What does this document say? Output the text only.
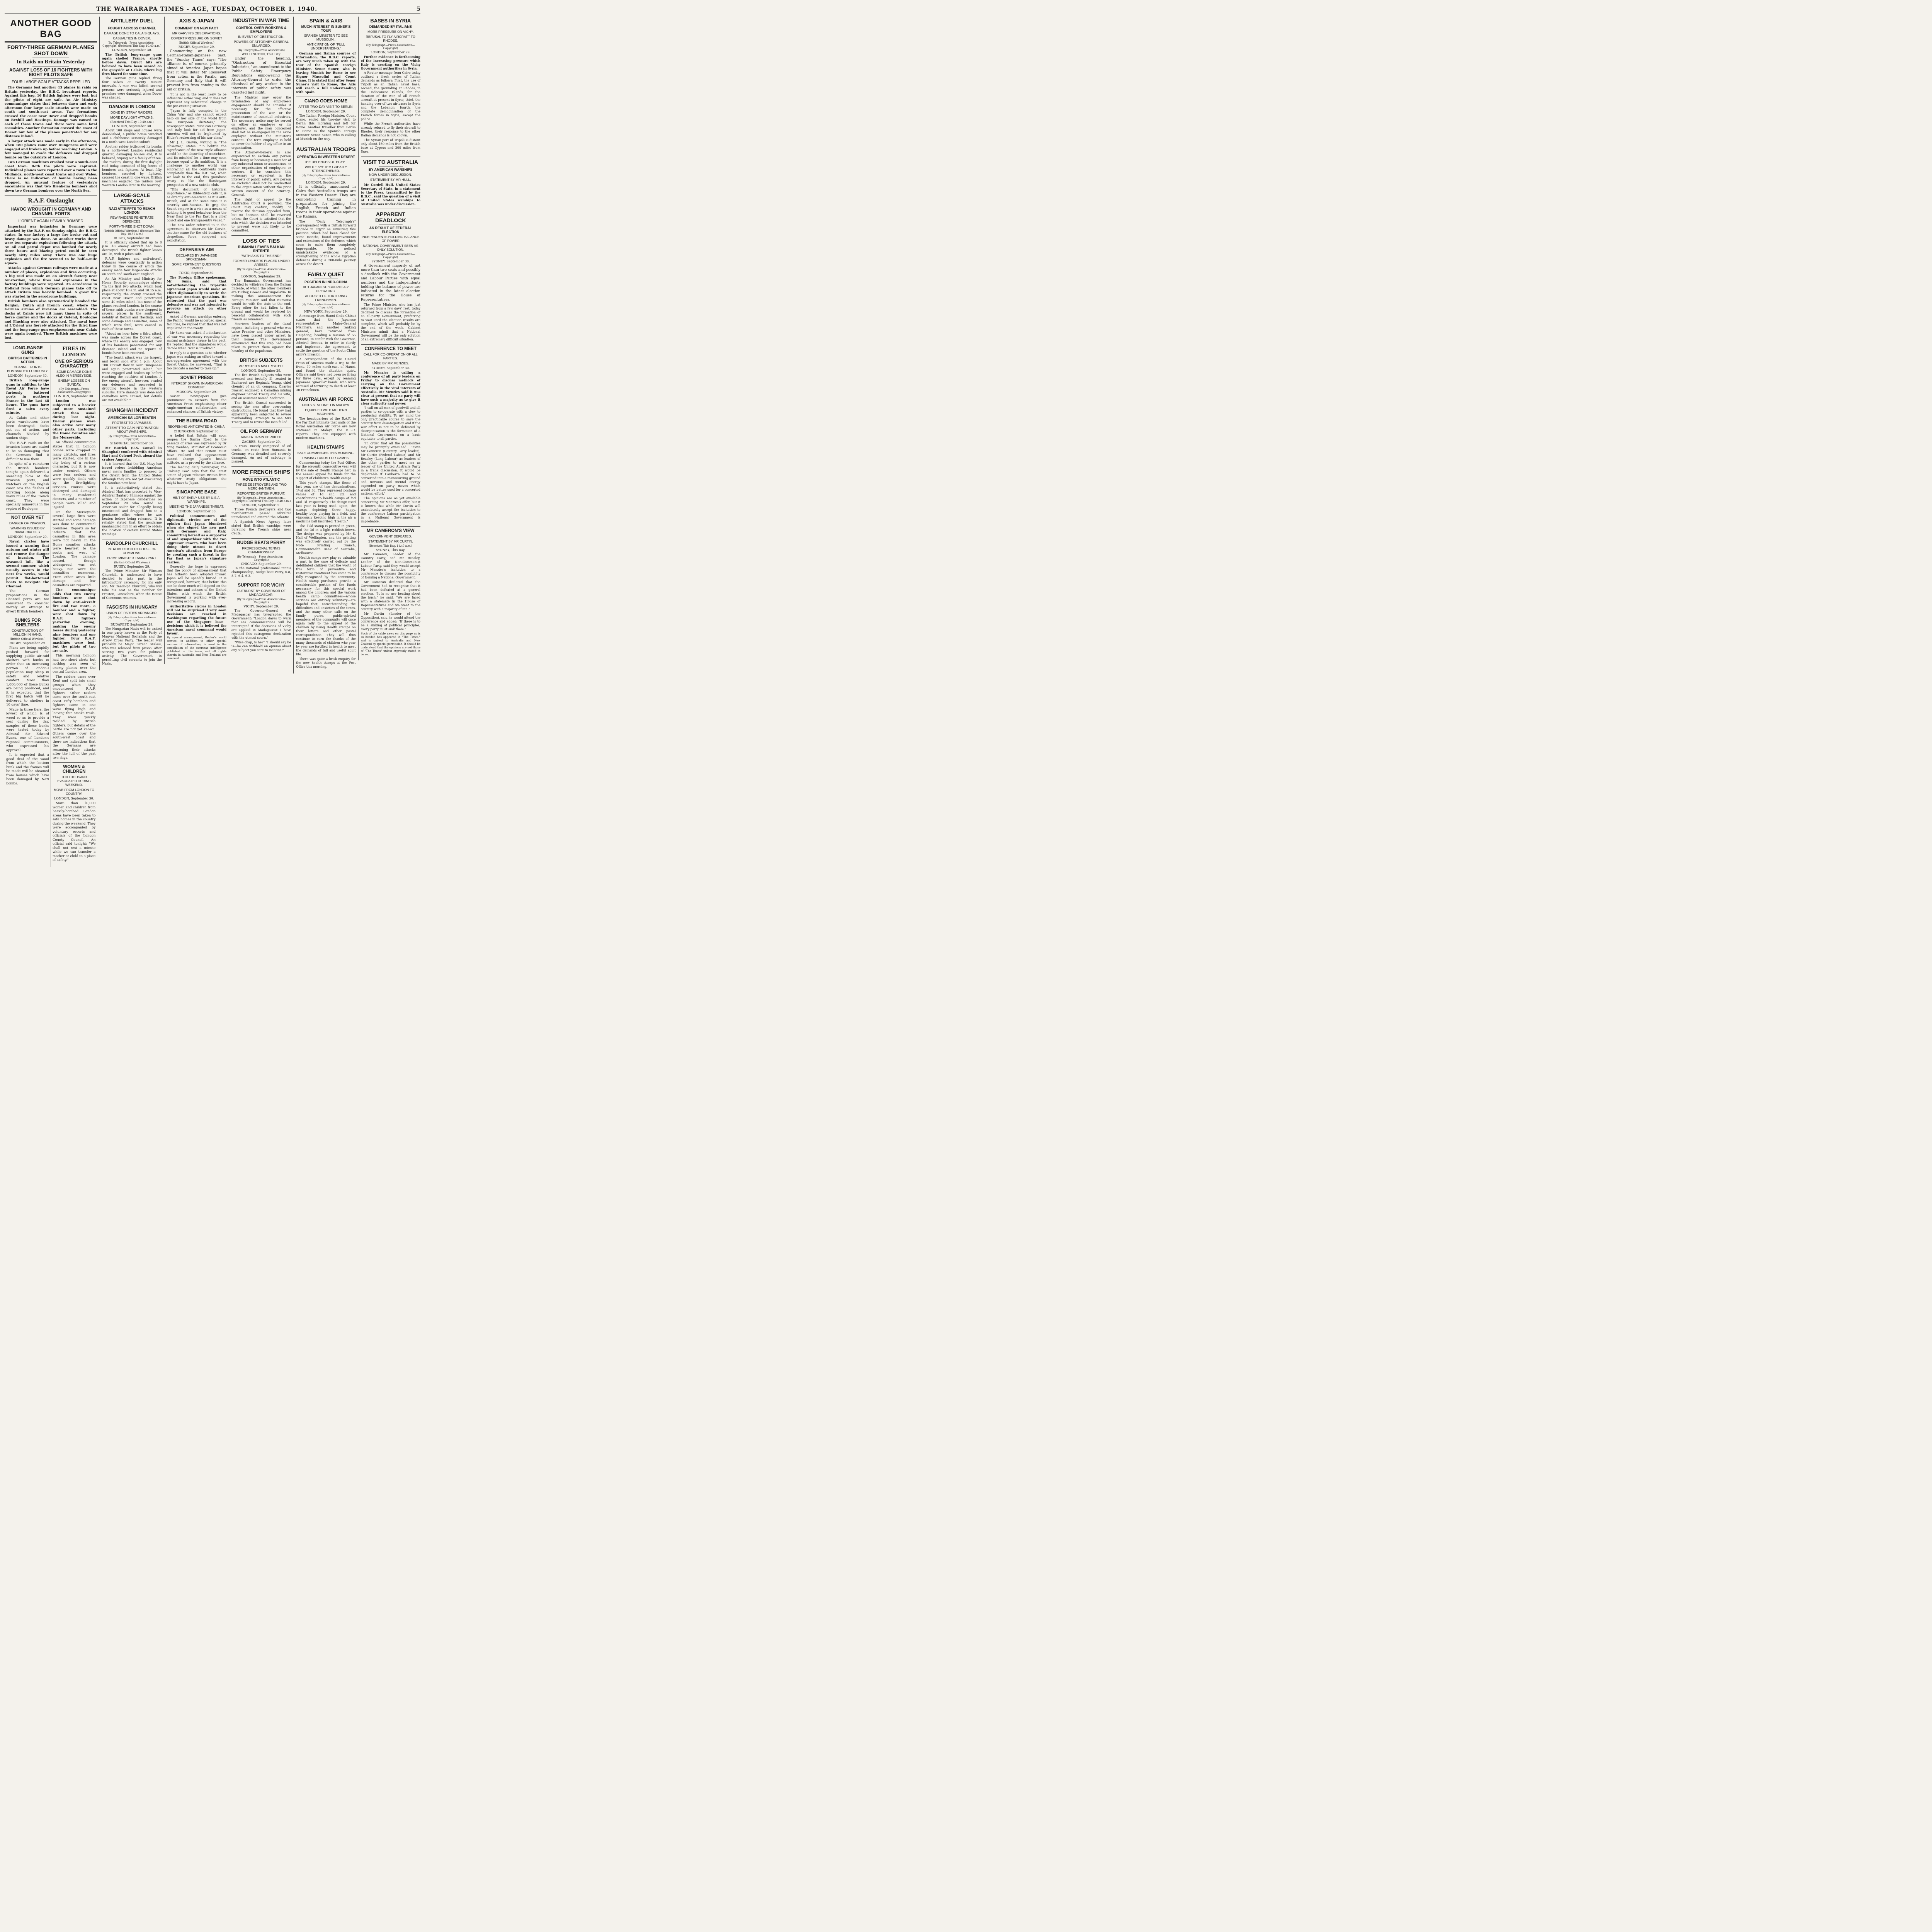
THE WAIRARAPA TIMES - AGE, TUESDAY, OCTOBER 1, 1940.	5
ANOTHER GOOD BAG
FORTY-THREE GERMAN PLANES SHOT DOWN
In Raids on Britain Yesterday
AGAINST LOSS OF 16 FIGHTERS WITH EIGHT PILOTS SAFE
FOUR LARGE-SCALE ATTACKS REPELLED

The Germans lost another 43 planes in raids on Britain yesterday, the B.B.C. broadcast reports. Against this bag, 16 British fighters were lost, but the pilots of eight are safe. An Air Ministry communique states that between dawn and early afternoon four large scale attacks were made on south and south-east areas. Two formations crossed the coast near Dover and dropped bombs on Bexhill and Hastings. Damage was caused to each of these towns and there were some fatal casualties. Another formation crossed the coast of Dorset but few of the planes penetrated for any distance inland.

A larger attack was made early in the afternoon, when 180 planes came over Dungeness and were engaged and broken up before reaching London. A few managed to evade the defences and dropped bombs on the outskirts of London.

Two German machines crashed near a south-east coast town. Both the pilots were captured. Individual planes were reported over a town in the Midlands, north-west coast towns and over Wales. There is no indication of bombs having been dropped. An unusual feature of yesterday's encounters was that two Blenheim bombers shot down two German bombers over the North Sea.

R.A.F. Onslaught
HAVOC WROUGHT IN GERMANY AND CHANNEL PORTS
L'ORIENT AGAIN HEAVILY BOMBED

Important war industries in Germany were attacked by the R.A.F. on Sunday night, the B.B.C. states. In one factory a large fire broke out and heavy damage was done. An another works there were ten separate explosions following the attack. An oil and petrol depot was bombed for nearly three hours and blazing petrol could be seen nearly sixty miles away. There was one huge explosion and the fire seemed to be half-a-mile square.

Attacks against German railways were made at a number of places, explosions and fires occurring. A big raid was made on an aircraft factory near Amsterdam, where fires and explosions in the factory buildings were reported. An aerodrome in Holland from which German planes take off to attack Britain was heavily bombed. A great fire was started in the aerodrome buildings.

British bombers also systematically bombed the Belgian, Dutch and French coast, where the German armies of invasion are assembled. The docks at Calais were hit many times in spite of fierce gunfire and the docks at Ostend, Boulogne and Flushing were also attacked. The naval base at L'Orient was fiercely attacked for the third time and the long-range gun emplacements near Calais were again bombed. Three British machines were lost.

LONG-RANGE GUNS
BRITISH BATTERIES IN ACTION.
CHANNEL PORTS BOMBARDED FURIOUSLY.
LONDON, September 30.

British long-range guns in addition to the Royal Air Force have furiously battered ports in northern France in the last 48 hours. The guns have fired a salvo every minute.

At Calais and other ports warehouses have been destroyed, docks put out of action, and channels blocked by sunken ships.

The R.A.F. raids on the invasion bases are stated to be so damaging that the Germans find it difficult to use them.

In spite of a rainstorm the British bombers tonight again delivered a smashing blow at the invasion ports, and watchers on the English coast saw the flashes of bursting bombs along many miles of the French coast. They were specially numerous in the region of Boulogne.

NOT OVER YET
DANGER OF INVASION.
WARNING ISSUED BY NAVAL CIRCLES.
LONDON, September 29.

Naval circles have issued a warning that autumn and winter will not remove the danger of invasion. The seasonal lull, like a second summer, which usually occurs in the next few weeks, would permit flat-bottomed boats to navigate the Channel.

The German preparations in the Channel ports are too consistent to consider merely an attempt to divert British bombers.

BUNKS FOR SHELTERS
CONSTRUCTION OF MILLION IN HAND.
(British Official Wireless.)
RUGBY, September 29.

Plans are being rapidly pushed forward for supplying public air-raid shelters with bunks in order that an increasing portion of London's population may sleep in safety and relative comfort. More than 1,000,000 of these bunks are being produced, and it is expected that the first big batch will be delivered to shelters in 10 days' time.

Made in three tiers, the lowest of which is of wood so as to provide a seat during the day, samples of these bunks were tested today by Admiral Sir Edward Evans, one of London's regional commissioners, who expressed his approval.

It is expected that a good deal of the wood from which the bottom bunk and the frames will be made will be obtained from houses which have been damaged by Nazi bombs.

FIRES IN LONDON
ONE OF SERIOUS CHARACTER
SOME DAMAGE DONE ALSO IN MERSEYSIDE.
ENEMY LOSSES ON SUNDAY.
(By Telegraph—Press Association—Copyright)
LONDON, September 30.

London was subjected to a heavier and more sustained attack than usual during last night. Enemy planes were also active over many other parts, including the Home Counties and the Merseyside.

An official communique states that in London bombs were dropped in many districts, and fires were started, one in the city being of a serious character, but it is now under control. Others were less serious and were quickly dealt with by the fire-fighting services. Houses were destroyed and damaged in many residential districts, and a number of people were killed and injured.

On the Merseyside several large fires were started and some damage was done to commercial premises. Reports so far indicate that the casualties in this area were not heavy. In the Home counties attacks were heaviest to the south and west of London. The damage caused, though widespread, was not heavy, nor were the casualties numerous. From other areas little damage and few casualties are reported.

The communique adds that two enemy bombers were shot down by anti-aircraft fire and two more, a bomber and a fighter, were shot down by R.A.F. fighters yesterday evening, making the enemy losses during yesterday nine bombers and one fighter. Four R.A.F. machines were lost, but the pilots of two are safe.

This morning London had two short alerts but nothing was seen of enemy planes over the central London area.

The raiders came over Kent and split into small groups when they encountered R.A.F. fighters. Other raiders came over the south-east coast. Fifty bombers and fighters came in one wave flying high and leaving thin smoke trails. They were quickly tackled by British fighters, but details of the battle are not yet known. Others came over the south-west coast and there are indications that the Germans are resuming their attacks after the lull of the past two days.

WOMEN & CHILDREN
TEN THOUSAND EVACUATED DURING WEEKEND.
MOVE FROM LONDON TO COUNTRY.
LONDON, September 30.

More than 10,000 women and children from heavily-bombed London areas have been taken to safe homes in the country during the weekend. They were accompanied by voluntary escorts and officials of the London County Council. An official said tonight: "We shall not rest a minute while we can transfer a mother or child to a place of safety."

ARTILLERY DUEL
FOUGHT ACROSS CHANNEL
DAMAGE DONE TO CALAIS QUAYS.
CASUALTIES IN DOVER.
(By Telegraph—Press Association—Copyright) (Received This Day, 10.40 a.m.)
LONDON, September 30.

The British long-range guns again shelled France, shortly before dawn. Direct hits are believed to have been scored on the quayside at Calais, where big fires blazed for some time.

The German guns replied, firing four salvos at twenty minute intervals. A man was killed, several persons were seriously injured and premises were damaged, when Dover was shelled.

DAMAGE IN LONDON
DONE BY STRAY RAIDERS.
MORE DAYLIGHT ATTACKS.
(Received This Day, 10.40 a.m.)
LONDON, September 30.

About 100 shops and houses were demolished, a public house wrecked and a clubhouse seriously damaged in a north-west London suburb.

Another raider jettisoned its bombs in a north-west London residential quarter, damaging houses and, it is believed, wiping out a family of three. The raiders, during the first daylight raid today, consisted of big forces of bombers and fighters. At least fifty bombers, escorted by fighters, crossed the coast in one wave. British machines engaged the raiders over Western London later in the morning.

LARGE-SCALE ATTACKS
NAZI ATTEMPTS TO REACH LONDON
FEW RAIDERS PENETRATE DEFENCES.
FORTY-THREE SHOT DOWN.
(British Official Wireless.) (Received This Day, 10.55 a.m.)
RUGBY, September 30.

It is officially stated that up to 8 p.m. 43 enemy aircraft had been destroyed. The British fighter losses are 16, with 8 pilots safe.

R.A.F. fighters and anti-aircraft defences were constantly in action today in the course of which the enemy made four large-scale attacks on south and south-east England.

An Air Ministry and Ministry for Home Security communique states: "In the first two attacks, which took place at about 10 a.m. and 10.15 a.m. respectively, the enemy crossed the coast near Dover and penetrated some 40 miles inland, but none of the planes reached London. In the course of these raids bombs were dropped in several places in the south-east, notably at Bexhill and Hastings, and some damage and casualties, some of which were fatal, were caused in each of these towns.

"About an hour later a third attack was made across the Dorset coast, where the enemy was engaged. Few of his bombers penetrated for any distance inland and no reports of bombs have been received.

"The fourth attack was the largest, and began soon after 1 p.m. About 180 aircraft flew in over Dungeness and again penetrated inland, but were engaged and broken up before reaching the outskirts of London. A few enemy aircraft, however, evaded our defences and succeeded in dropping bombs in the western suburbs. Here damage was done and casualties were caused, but details are not available."

SHANGHAI INCIDENT
AMERICAN SAILOR BEATEN
PROTEST TO JAPANESE.
ATTEMPT TO GAIN INFORMATION ABOUT WARSHIPS.
(By Telegraph—Press Association—Copyright)
SHANGHAI, September 30.

Mr Butrick (U.S. Consul in Shanghai) conferred with Admiral Hart and Colonel Peck aboard the cruiser Augusta.

It is learned that the U.S. Navy has issued orders forbidding American naval men's families to proceed to the Orient from the United States although they are not yet evacuating the families now here.

It is authoritatively stated that Admiral Hart has protested to Vice-Admiral Hantaro Shimada against the action of Japanese gendarmes on September 29 who seized an American sailor for allegedly being intoxicated and dragged him to a gendarme office where he was beaten before being released. It is reliably stated that the gendarme manhandled him in an effort to obtain the location of certain United States warships.

RANDOLPH CHURCHILL
INTRODUCTION TO HOUSE OF COMMONS.
PRIME MINISTER TAKING PART.
(British Official Wireless.)
RUGBY, September 29.

The Prime Minister, Mr Winston Churchill, is understood to have decided to take part in the introductory ceremony for his only son, Mr Randolph Churchill, who will take his seat as the member for Preston, Lancashire, when the House of Commons resumes.

FASCISTS IN HUNGARY
UNION OF PARTIES ARRANGED.
(By Telegraph—Press Association—Copyright)
BUDAPEST, September 29.

The Hungarian Nazis will be united in one party known as the Party of Magyar National Socialists and the Arrow Cross Party. The leader will probably be Major Ferenc Szalasi, who was released from prison, after serving two years for political activity. The Government is permitting civil servants to join the Nazis.

AXIS & JAPAN
COMMENT ON NEW PACT
MR GARVIN'S OBSERVATIONS.
COVERT PRESSURE ON SOVIET
(British Official Wireless.)
RUGBY, September 29.

Commenting on the new German-Italian-Japanese pact, the "Sunday Times" says: "The alliance is, of course, primarily aimed at America. Japan hopes that it will deter Mr Roosevelt from action in the Pacific, and Germany and Italy that it will prevent him from coming to the aid of Britain.

"It is not in the least likely to be influential either way, and it does not represent any substantial change in the pre-existing situation.

"Japan is fully occupied in the China War and she cannot expect help on her side of the world from the European dictators," the newspaper states. "Nor can Germany and Italy look for aid from Japan. America will not be frightened by Hitler's redressing of his war aims."

Mr J. L. Garvin, writing in "The Observer," states: "To belittle the significance of the new triple alliance would be the absurdity of ostrichism, and its mischief for a time may soon become equal to its ambition. It is a challenge to another world war embracing all the continents more completely than the last. Yet, when we look to the end, this grandiose treaty is like the flamboyant prospectus of a new suicide club.

"This document of historical importance," as Ribbentrop calls it, is as directly anti-American as it is anti-British, and at the same time it is covertly anti-Russian. To grip the Soviet empire in a vice as a means of holding it to good behaviour from the Near East to the Far East is a chief object and one transparently veiled."

The new order referred to in the agreement is, observes Mr Garvin, another name for the old business of despotism, force, conquest and exploitation.

DEFENSIVE AIM
DECLARED BY JAPANESE SPOKESMAN.
SOME PERTINENT QUESTIONS EVADED.
TOKIO, September 30.

The Foreign Office spokesman, Mr Suma, said that notwithstanding the tripartite agreement Japan would make an effort diplomatically to settle the Japanese American questions. He reiterated that the pact was defensive and was not intended to provoke an attack on other Powers.

Asked if German warships entering the Pacific would be accorded special facilities, he replied that that was not stipulated in the treaty.

Mr Suma was asked if a declaration of war was necessary regarding the mutual assistance clause in the pact. He replied that the signatories would decide when "war is involved."

In reply to a question as to whether Japan was making an effort toward a non-aggression agreement with the Soviet Union, he answered, "That is too delicate a matter to take up."

SOVIET PRESS
INTEREST SHOWN IN AMERICAN COMMENT.
MOSCOW, September 29.

Soviet newspapers give prominence to extracts from the American Press emphasising closer Anglo-American collaboration and enhanced chances of British victory.

THE BURMA ROAD
REOPENING ANTICIPATED IN CHINA.
CHUNGKING September 30.

A belief that Britain will soon reopen the Burma Road to the passage of arms was expressed by Dr Yong Wenhao, Minister of Economic Affairs. He said that Britain must have realised that appeasement cannot change Japan's hostile attitude, as is proved by the alliance.

The leading daily newspaper, the "Takung Pao" says that the latest action of Japan releases Britain from whatever treaty obligations she might have to Japan.

SINGAPORE BASE
HINT OF EARLY USE BY U.S.A. WARSHIPS.
MEETING THE JAPANESE THREAT.
LONDON, September 30.

Political commentators and diplomatic circles are of the opinion that Japan blundered when she signed the new pact with Germany and Italy, committing herself as a supporter of and sympathiser with the two aggressor Powers, who have been doing their utmost to divert America's attention from Europe by creating such a threat in the Far East as Japan's signature carries.

Generally the hope is expressed that the policy of appeasement that has hitherto been adopted toward Japan will be speedily buried. It is recognised, however, that before this can be done much will depend on the intentions and actions of the United States, with which the British Government is working with ever-increasing accord.

Authoritative circles in London will not be surprised if very soon decisions are reached in Washington regarding the future use of the Singapore base—decisions which it is believed the American naval command would favour.

By special arrangement, Reuter's world service, in addition to other special sources of information, is used in the compilation of the overseas intelligence published in this issue, and all rights therein in Australia and New Zealand are reserved.
INDUSTRY IN WAR TIME
CONTROL OVER WORKERS & EMPLOYERS
IN EVENT OF OBSTRUCTION.
POWERS OF ATTORNEY-GENERAL ENLARGED.
(By Telegraph—Press Association)
WELLINGTON, This Day.

Under the heading, "Obstruction of Essential Industries," an amendment to the Public Safety Emergency Regulations empowering the Attorney-General to order the dismissal of any worker in the interests of public safety was gazetted last night.

The Minister may order the termination of any employee's engagement should he consider it necessary for the effective prosecution of the war, or the maintenance of essential industries. The necessary notice may be served on either an employee or his employer, and the man concerned shall not be re-engaged by the same employer without the Minister's consent. The term employee is held to cover the holder of any office in an organisation.

The Attorney-General is also empowered to exclude any person from being or becoming a member of any industrial union or association, or other organisation of employers or workers, if he considers this necessary or expedient in the interests of public safety. Any person so excluded shall not be readmitted to the organisation without the prior written consent of the Attorney-General.

The right of appeal to the Arbitration Court is provided. The Court may confirm, modify, or reverse the decision appealed from, but no decision shall be reversed unless the Court is satisfied that the acts which the decision was intended to prevent were not likely to be committed.

LOSS OF TIES
RUMANIA LEAVES BALKAN ENTENTE
"WITH AXIS TO THE END."
FORMER LEADERS PLACED UNDER ARREST.
(By Telegraph—Press Association—Copyright)
LONDON, September 29.

The Rumanian Government has decided to withdraw from the Balkan Entente, of which the other members are Turkey, Greece and Yugoslavia. In making this announcement the Foreign Minister said that Rumania would be with the Axis to the end. Every other tie had fallen to the ground and would be replaced by peaceful collaboration with such friends as remained.

Fourteen leaders of the Carol regime, including a general who was twice Premier and other Ministers, have been placed under arrest in their homes. The Government announced that this step had been taken to protect them against the hostility of the population.

BRITISH SUBJECTS
ARRESTED & MALTREATED.
LONDON, September 29.

The five British subjects who were arrested and brutally ill treated in Bucharest are Reginald Young, chief chemist of an oil company, Charles Brasier, engineer, a Canadian mining engineer named Tracey and his wife, and an assistant named Anderson.

The British Consul succeeded in seeing the men after overcoming obstructions. He found that they had apparently been subjected to severe manhandling. Attempts to see Mrs Tracey and to revisit the men failed.

OIL FOR GERMANY
TANKER TRAIN DERAILED.
ZAGREB, September 29.

A train, mostly comprised of oil trucks, en route from Rumania to Germany, was derailed and severely damaged. An act of sabotage is blamed.

MORE FRENCH SHIPS
MOVE INTO ATLANTIC
THREE DESTROYERS AND TWO MERCHANTMEN.
REPORTED BRITISH PURSUIT.
(By Telegraph—Press Association—Copyright) (Received This Day, 10.40 a.m.)
TANGIER, September 30.

Three French destroyers and two merchantmen passed Gibraltar unmolested and entered the Atlantic.

A Spanish News Agency later stated that British warships were pursuing the French ships near Ceuta.

BUDGE BEATS PERRY
PROFESSIONAL TENNIS CHAMPIONSHIP.
(By Telegraph—Press Association—Copyright)
CHICAGO, September 29.

In the national professional tennis championship, Budge beat Perry, 6-8, 5-7, 6-4, 6-3.

SUPPORT FOR VICHY
OUTBURST BY GOVERNOR OF MADAGASCAR.
(By Telegraph—Press Association—Copyright)
VICHY, September 29.

The Governor-General of Madagascar has telegraphed the Government: "London dares to warn that sea communications will be interrupted if the decisions of Vichy are applied in Madagascar. I have rejected this outrageous declaration with the utmost scorn."

"Wise chap, is he?" "I should say he is—he can withhold an opinion about any subject you care to mention!"

SPAIN & AXIS
MUCH INTEREST IN SUNER'S TOUR
SPANISH MINISTER TO SEE MUSSOLINI.
ANTICIPATION OF "FULL UNDERSTANDING."

German and Italian sources of information, the B.B.C. reports, are very much taken up with the tour of the Spanish Foreign Minister, Senor Suner, who is leaving Munich for Rome to see Signor Mussolini and Count Ciano. It is stated that after Senor Suner's visit to Rome, the Axis will reach a full understanding with Spain.

CIANO GOES HOME
AFTER TWO-DAY VISIT TO BERLIN.
LONDON, September 29.

The Italian Foreign Minister, Count Ciano, ended his two-day visit to Berlin this morning and left for Rome. Another traveller from Berlin to Rome is the Spanish Foreign Minister Senor Suner, who is calling at Munich on the way.

AUSTRALIAN TROOPS
OPERATING IN WESTERN DESERT
THE DEFENCES OF EGYPT.
WHOLE SYSTEM GREATLY STRENGTHENED.
(By Telegraph—Press Association—Copyright)
LONDON, September 29.

It is officially announced in Cairo that Australian troops are in the Western Desert. They are completing training in preparation for joining the English, French and Indian troops in their operations against the Italians.

The "Daily Telegraph's" correspondent with a British forward brigade in Egypt on revisiting this position, which had been closed for some months, found improvements and extensions of the defences which seem to make them completely impregnable. He noticed unmistakable evidences of a strengthening of the whole Egyptian defences during a 200-mile journey across the desert.

FAIRLY QUIET
POSITION IN INDO-CHINA
BUT JAPANESE "GUERILLAS" OPERATING.
ACCUSED OF TORTURING FRENCHMEN.
(By Telegraph—Press Association—Copyright)
NEW YORK, September 29.

A message from Hanoi (Indo-China) states that the Japanese representative Major-General Nishihara, and another ranking general, have returned from Haiphong, heading a mission of 55 persons, to confer with the Governor, Admiral Decoux, in order to clarify and implement the agreement to settle the question of the South China army's invasion.

A correspondent of the United Press of America made a trip to the front, 70 miles north-east of Hanoi, and found the situation quiet. Officers said there had been no firing for three days, except by roaming Japanese "guerilla" bands, who were accused of torturing to death at least 30 Frenchmen.

AUSTRALIAN AIR FORCE
UNITS STATIONED IN MALAYA.
EQUIPPED WITH MODERN MACHINES.

The headquarters of the R.A.F. in the Far East intimate that units of the Royal Australian Air Force are now stationed in Malaya, the B.B.C. reports. They are equipped with modern machines.

HEALTH STAMPS
SALE COMMENCES THIS MORNING.
RAISING FUNDS FOR CAMPS.

Commencing today the Post Office, for the eleventh consecutive year will by the sale of Health Stamps help in the annual appeal for funds for the support of children's Health camps.

This year's stamps, like those of last year, are of two denominations, 1½d and 3d. They represent postage values of 1d and 2d, and contributions to health camps of ½d and 1d. respectively. The design used last year is being used again, the stamps depicting three happy, healthy boys playing in a field, and vigorously keeping high in the air a medicine ball inscribed "Health."

The 1½d stamp is printed in green, and the 3d in a light reddish-brown. The design was prepared by Mr S. Hall of Wellington, and the printing was effectively carried out by the Note Printing Branch, Commonwealth Bank of Australia, Melbourne.

Health camps now play so valuable a part in the care of delicate and debilitated children that the worth of this form of preventive and restorative treatment has come to be fully recognised by the community. Health stamp purchases provide a considerable portion of the funds necessary for this special work among the children; and the various health camp committees—whose services are entirely voluntary—are hopeful that, notwithstanding the difficulties and anxieties of the times, and the many other calls on the family purse, public-spirited members of the community will once again rally to the appeal of the children by using Health stamps on their letters and other postal correspondence. They will thus continue to earn the thanks of the many thousands of children who year by year are fortified in health to meet the demands of full and useful adult life.

There was quite a brisk enquiry for the new health stamps at the Post Office this morning.

BASES IN SYRIA
DEMANDED BY ITALIANS
MORE PRESSURE ON VICHY.
REFUSAL TO FLY AIRCRAFT TO RHODES.
(By Telegraph—Press Association—Copyright)
LONDON, September 29.

Further evidence is forthcoming of the increasing pressure which Italy is exerting on the Vichy Government authorities in Syria.

A Reuter message from Cairo today outlined a fresh series of Italian demands as follows: First, the use of Tripoli as an Italian naval base; second, the grounding at Rhodes, in the Dodecanese Islands, for the duration of the war, of all French aircraft at present in Syria; third, the handing over of two air bases in Syria and the Lebanon; fourth, the complete demobilisation of the French forces in Syria, except the police.

While the French authorities have already refused to fly their aircraft to Rhodes, their response to the other Italian demands is not known.

The Syrian port of Tripoli is distant only about 150 miles from the British base at Cyprus and 300 miles from Suez.

VISIT TO AUSTRALIA
BY AMERICAN WARSHIPS
NOW UNDER DISCUSSION.
STATEMENT BY MR HULL.

Mr Cordell Hull, United States Secretary of State, in a statement to the Press, transmitted by the B.B.C., said the question of a visit of United States warships to Australia was under discussion.

APPARENT DEADLOCK
AS RESULT OF FEDERAL ELECTION
INDEPENDENTS HOLDING BALANCE OF POWER
NATIONAL GOVERNMENT SEEN AS ONLY SOLUTION.
(By Telegraph—Press Association—Copyright)
SYDNEY, September 30.

A Government majority of not more than two seats and possibly a deadlock with the Government and Labour Parties with equal numbers and the Independents holding the balance of power are indicated in the latest election returns for the House of Representatives.

The Prime Minister, who has just returned from a few days' rest, today declined to discuss the formation of an all-party Government, preferring to wait until the election results are complete, which will probably be by the end of the week. Cabinet Ministers admit that a National Government will be the only solution of an extremely difficult situation.

CONFERENCE TO MEET
CALL FOR CO-OPERATION OF ALL PARTIES.
MADE BY MR MENZIES.
SYDNEY, September 30.

Mr Menzies is calling a conference of all party leaders on Friday to discuss methods of carrying on the Government effectively in the vital interests of Australia. Mr Menzies said it was clear at present that no party will have such a majority as to give it clear authority and power.

"I call on all men of goodwill and all parties to co-operate with a view to producing stability. To my mind the only practicable course to save the country from disintegration and if the war effort is not to be defeated by disorganisation is the formation of a National Government on a basis equitable to all parties.

"In order that all the possibilities may be promptly examined I invite Mr Cameron (Country Party leader), Mr Curtin (Federal Labour) and Mr Beasley (Lang Labour) as leaders of the other parties to meet me as leader of the United Australia Party in a frank discussion. It would be deplorable if Canberra had to be converted into a manoeuvring ground and nervous and mental energy expended on party moves which would be better used for a concerted national effort."

The opinions are as yet available concerning Mr Menzies's offer, but it is known that while Mr Curtin will undoubtedly accept the invitation to the conference Labour participation in a National Government is improbable.

MR CAMERON'S VIEW
GOVERNMENT DEFEATED.
STATEMENT BY MR CURTIN.
(Received This Day, 11.40 a.m.)
SYDNEY, This Day.

Mr Cameron, Leader of the Country Party, and Mr Beasley, Leader of the Non-Communist Labour Party, said they would accept Mr Menzies's invitation to a conference to discuss the possibility of forming a National Government.

Mr Cameron declared that the Government had to recognise that it had been defeated at a general election. "It is no use beating about the bush," he said. "We are faced with a stalemate in the House of Representatives and we went to the country with a majority of ten."

Mr Curtin (Leader of the Opposition), said he would attend the conference and added: "If there is to be a sinking of political principles, every party must sink them."

Such of the cable news on this page as is so headed has appeared in "The Times," and is cabled to Australia and New Zealand by special permission. It should be understood that the opinions are not those of "The Times" unless expressly stated to be so.
